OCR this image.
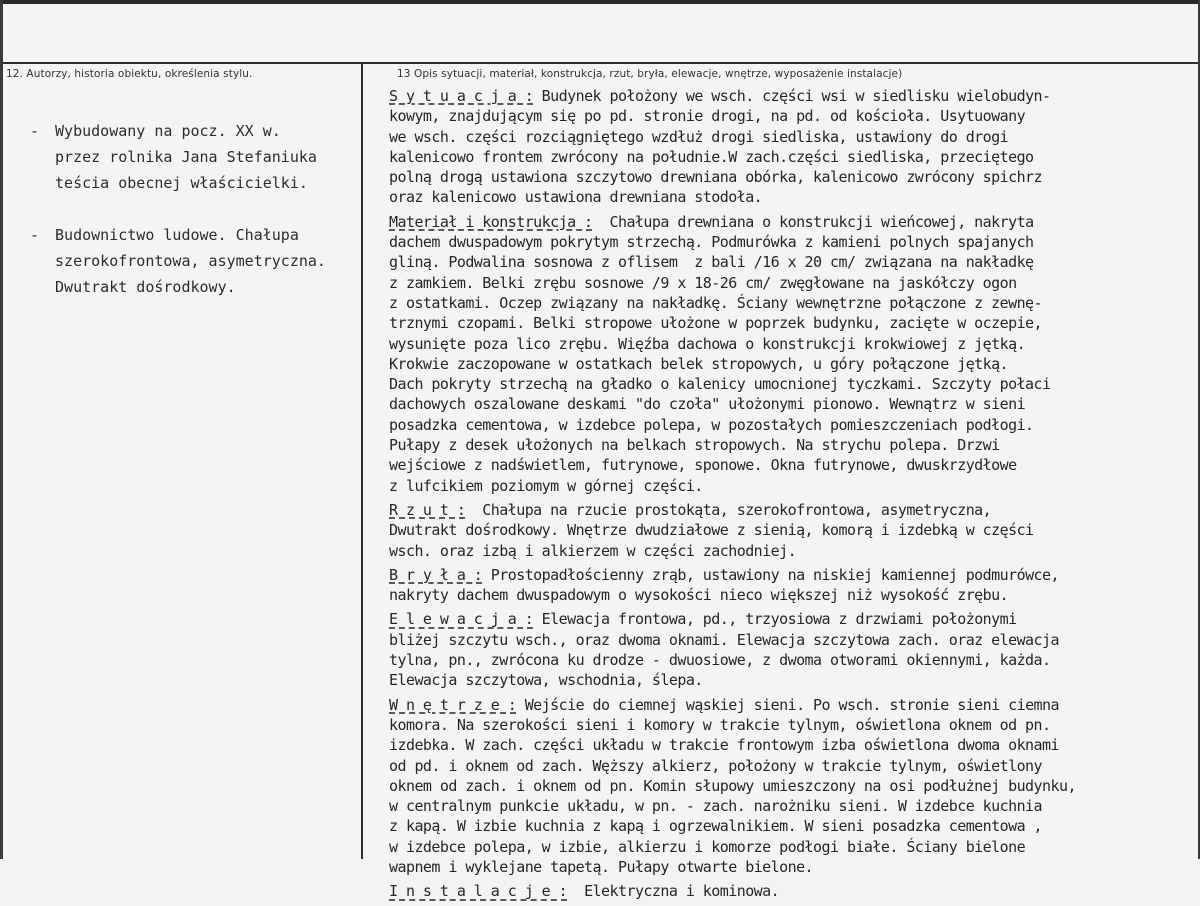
12. Autorzy, historia obiektu, określenia stylu.	13 Opis sytuacji, materiał, konstrukcja, rzut, bryła, elewacje, wnętrze, wyposażenie instalacje)
- Wybudowany na pocz. XX w.
przez rolnika Jana Stefaniuka
teścia obecnej właścicielki.
- Budownictwo ludowe. Chałupa
szerokofrontowa, asymetryczna.
Dwutrakt dośrodkowy.
S y t u a c j a : Budynek położony we wsch. części wsi w siedlisku wielobudyn-
kowym, znajdującym się po pd. stronie drogi, na pd. od kościoła. Usytuowany
we wsch. części rozciągniętego wzdłuż drogi siedliska, ustawiony do drogi
kalenicowo frontem zwrócony na południe.W zach.części siedliska, przeciętego
polną drogą ustawiona szczytowo drewniana obórka, kalenicowo zwrócony spichrz
oraz kalenicowo ustawiona drewniana stodoła.
Materiał i konstrukcja :  Chałupa drewniana o konstrukcji wieńcowej, nakryta
dachem dwuspadowym pokrytym strzechą. Podmurówka z kamieni polnych spajanych
gliną. Podwalina sosnowa z oflisem  z bali /16 x 20 cm/ związana na nakładkę
z zamkiem. Belki zrębu sosnowe /9 x 18-26 cm/ zwęgłowane na jaskółczy ogon
z ostatkami. Oczep związany na nakładkę. Ściany wewnętrzne połączone z zewnę-
trznymi czopami. Belki stropowe ułożone w poprzek budynku, zacięte w oczepie,
wysunięte poza lico zrębu. Więźba dachowa o konstrukcji krokwiowej z jętką.
Krokwie zaczopowane w ostatkach belek stropowych, u góry połączone jętką.
Dach pokryty strzechą na gładko o kalenicy umocnionej tyczkami. Szczyty połaci
dachowych oszalowane deskami "do czoła" ułożonymi pionowo. Wewnątrz w sieni
posadzka cementowa, w izdebce polepa, w pozostałych pomieszczeniach podłogi.
Pułapy z desek ułożonych na belkach stropowych. Na strychu polepa. Drzwi
wejściowe z nadświetlem, futrynowe, sponowe. Okna futrynowe, dwuskrzydłowe
z lufcikiem poziomym w górnej części.
R z u t :  Chałupa na rzucie prostokąta, szerokofrontowa, asymetryczna,
Dwutrakt dośrodkowy. Wnętrze dwudziałowe z sienią, komorą i izdebką w części
wsch. oraz izbą i alkierzem w części zachodniej.
B r y ł a : Prostopadłościenny zrąb, ustawiony na niskiej kamiennej podmurówce,
nakryty dachem dwuspadowym o wysokości nieco większej niż wysokość zrębu.
E l e w a c j a : Elewacja frontowa, pd., trzyosiowa z drzwiami położonymi
bliżej szczytu wsch., oraz dwoma oknami. Elewacja szczytowa zach. oraz elewacja
tylna, pn., zwrócona ku drodze - dwuosiowe, z dwoma otworami okiennymi, każda.
Elewacja szczytowa, wschodnia, ślepa.
W n ę t r z e : Wejście do ciemnej wąskiej sieni. Po wsch. stronie sieni ciemna
komora. Na szerokości sieni i komory w trakcie tylnym, oświetlona oknem od pn.
izdebka. W zach. części układu w trakcie frontowym izba oświetlona dwoma oknami
od pd. i oknem od zach. Węższy alkierz, położony w trakcie tylnym, oświetlony
oknem od zach. i oknem od pn. Komin słupowy umieszczony na osi podłużnej budynku,
w centralnym punkcie układu, w pn. - zach. narożniku sieni. W izdebce kuchnia
z kapą. W izbie kuchnia z kapą i ogrzewalnikiem. W sieni posadzka cementowa ,
w izdebce polepa, w izbie, alkierzu i komorze podłogi białe. Ściany bielone
wapnem i wyklejane tapetą. Pułapy otwarte bielone.
I n s t a l a c j e :  Elektryczna i kominowa.
